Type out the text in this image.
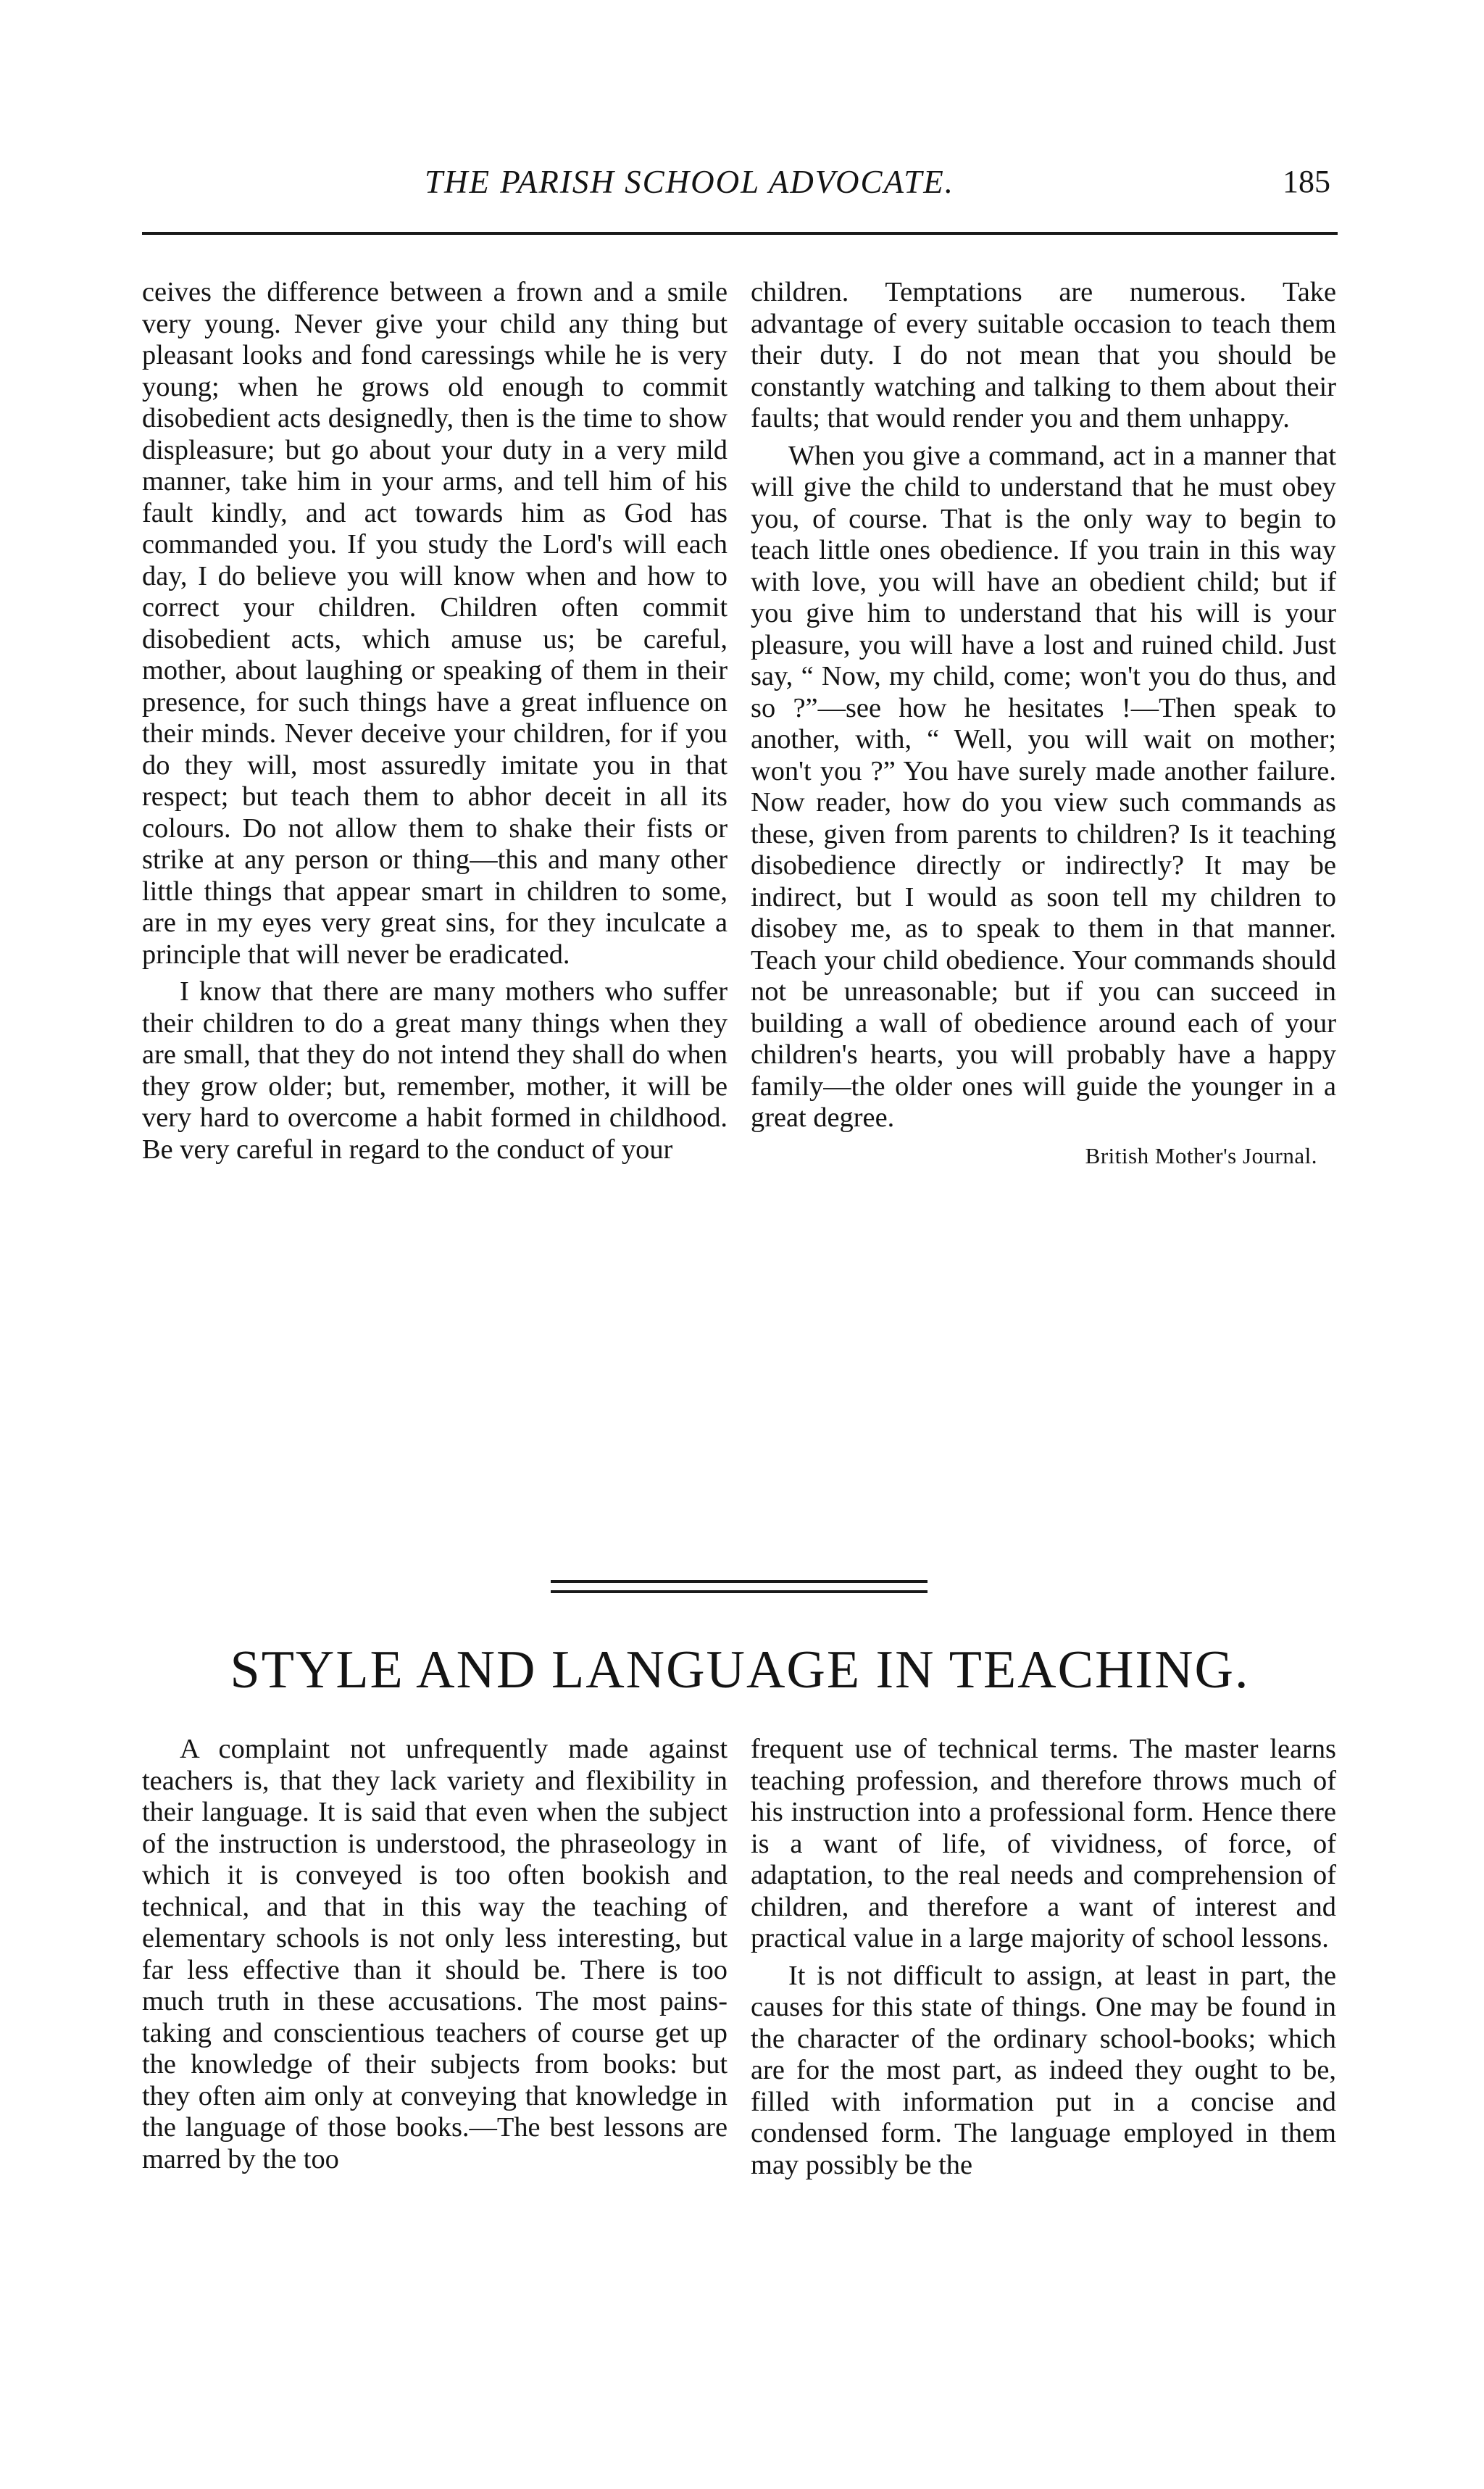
THE PARISH SCHOOL ADVOCATE.	185

ceives the difference between a frown and a smile very young. Never give your child any thing but pleasant looks and fond caressings while he is very young; when he grows old enough to commit disobedient acts designedly, then is the time to show displeasure; but go about your duty in a very mild manner, take him in your arms, and tell him of his fault kindly, and act towards him as God has commanded you. If you study the Lord's will each day, I do believe you will know when and how to correct your children. Children often commit disobedient acts, which amuse us; be careful, mother, about laughing or speaking of them in their presence, for such things have a great influence on their minds. Never deceive your children, for if you do they will, most assuredly imitate you in that respect; but teach them to abhor deceit in all its colours. Do not allow them to shake their fists or strike at any person or thing—this and many other little things that appear smart in children to some, are in my eyes very great sins, for they inculcate a principle that will never be eradicated.

I know that there are many mothers who suffer their children to do a great many things when they are small, that they do not intend they shall do when they grow older; but, remember, mother, it will be very hard to overcome a habit formed in childhood. Be very careful in regard to the conduct of your

children. Temptations are numerous. Take advantage of every suitable occasion to teach them their duty. I do not mean that you should be constantly watching and talking to them about their faults; that would render you and them unhappy.

When you give a command, act in a manner that will give the child to understand that he must obey you, of course. That is the only way to begin to teach little ones obedience. If you train in this way with love, you will have an obedient child; but if you give him to understand that his will is your pleasure, you will have a lost and ruined child. Just say, “ Now, my child, come; won't you do thus, and so ?”—see how he hesitates !—Then speak to another, with, “ Well, you will wait on mother; won't you ?” You have surely made another failure. Now reader, how do you view such commands as these, given from parents to children? Is it teaching disobedience directly or indirectly? It may be indirect, but I would as soon tell my children to disobey me, as to speak to them in that manner. Teach your child obedience. Your commands should not be unreasonable; but if you can succeed in building a wall of obedience around each of your children's hearts, you will probably have a happy family—the older ones will guide the younger in a great degree.

British Mother's Journal.
STYLE AND LANGUAGE IN TEACHING.

A complaint not unfrequently made against teachers is, that they lack variety and flexibility in their language. It is said that even when the subject of the instruction is understood, the phraseology in which it is conveyed is too often bookish and technical, and that in this way the teaching of elementary schools is not only less interesting, but far less effective than it should be. There is too much truth in these accusations. The most pains-taking and conscientious teachers of course get up the knowledge of their subjects from books: but they often aim only at conveying that knowledge in the language of those books.—The best lessons are marred by the too

frequent use of technical terms. The master learns teaching profession, and therefore throws much of his instruction into a professional form. Hence there is a want of life, of vividness, of force, of adaptation, to the real needs and comprehension of children, and therefore a want of interest and practical value in a large majority of school lessons.

It is not difficult to assign, at least in part, the causes for this state of things. One may be found in the character of the ordinary school-books; which are for the most part, as indeed they ought to be, filled with information put in a concise and condensed form. The language employed in them may possibly be the
